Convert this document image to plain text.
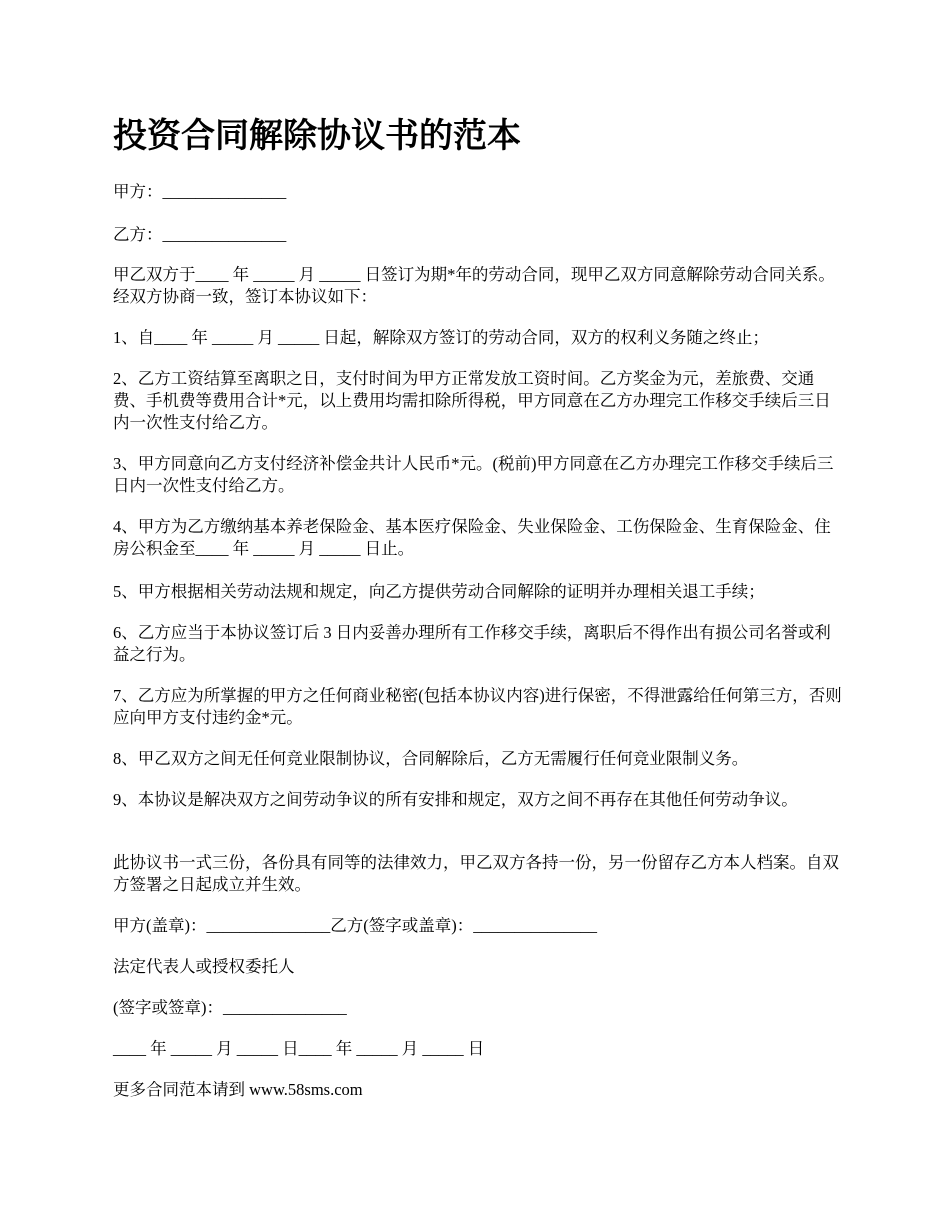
投资合同解除协议书的范本

甲方：_______________

乙方：_______________

甲乙双方于____ 年 _____ 月 _____ 日签订为期*年的劳动合同，现甲乙双方同意解除劳动合同关系。经双方协商一致，签订本协议如下：

1、自____ 年 _____ 月 _____ 日起，解除双方签订的劳动合同，双方的权利义务随之终止；

2、乙方工资结算至离职之日，支付时间为甲方正常发放工资时间。乙方奖金为元，差旅费、交通费、手机费等费用合计*元，以上费用均需扣除所得税，甲方同意在乙方办理完工作移交手续后三日内一次性支付给乙方。

3、甲方同意向乙方支付经济补偿金共计人民币*元。(税前)甲方同意在乙方办理完工作移交手续后三日内一次性支付给乙方。

4、甲方为乙方缴纳基本养老保险金、基本医疗保险金、失业保险金、工伤保险金、生育保险金、住房公积金至____ 年 _____ 月 _____ 日止。

5、甲方根据相关劳动法规和规定，向乙方提供劳动合同解除的证明并办理相关退工手续；

6、乙方应当于本协议签订后 3 日内妥善办理所有工作移交手续，离职后不得作出有损公司名誉或利益之行为。

7、乙方应为所掌握的甲方之任何商业秘密(包括本协议内容)进行保密，不得泄露给任何第三方，否则应向甲方支付违约金*元。

8、甲乙双方之间无任何竞业限制协议，合同解除后，乙方无需履行任何竞业限制义务。

9、本协议是解决双方之间劳动争议的所有安排和规定，双方之间不再存在其他任何劳动争议。

此协议书一式三份，各份具有同等的法律效力，甲乙双方各持一份，另一份留存乙方本人档案。自双方签署之日起成立并生效。

甲方(盖章)：_______________乙方(签字或盖章)：_______________

法定代表人或授权委托人

(签字或签章)：_______________

____ 年 _____ 月 _____ 日____ 年 _____ 月 _____ 日

更多合同范本请到 www.58sms.com
